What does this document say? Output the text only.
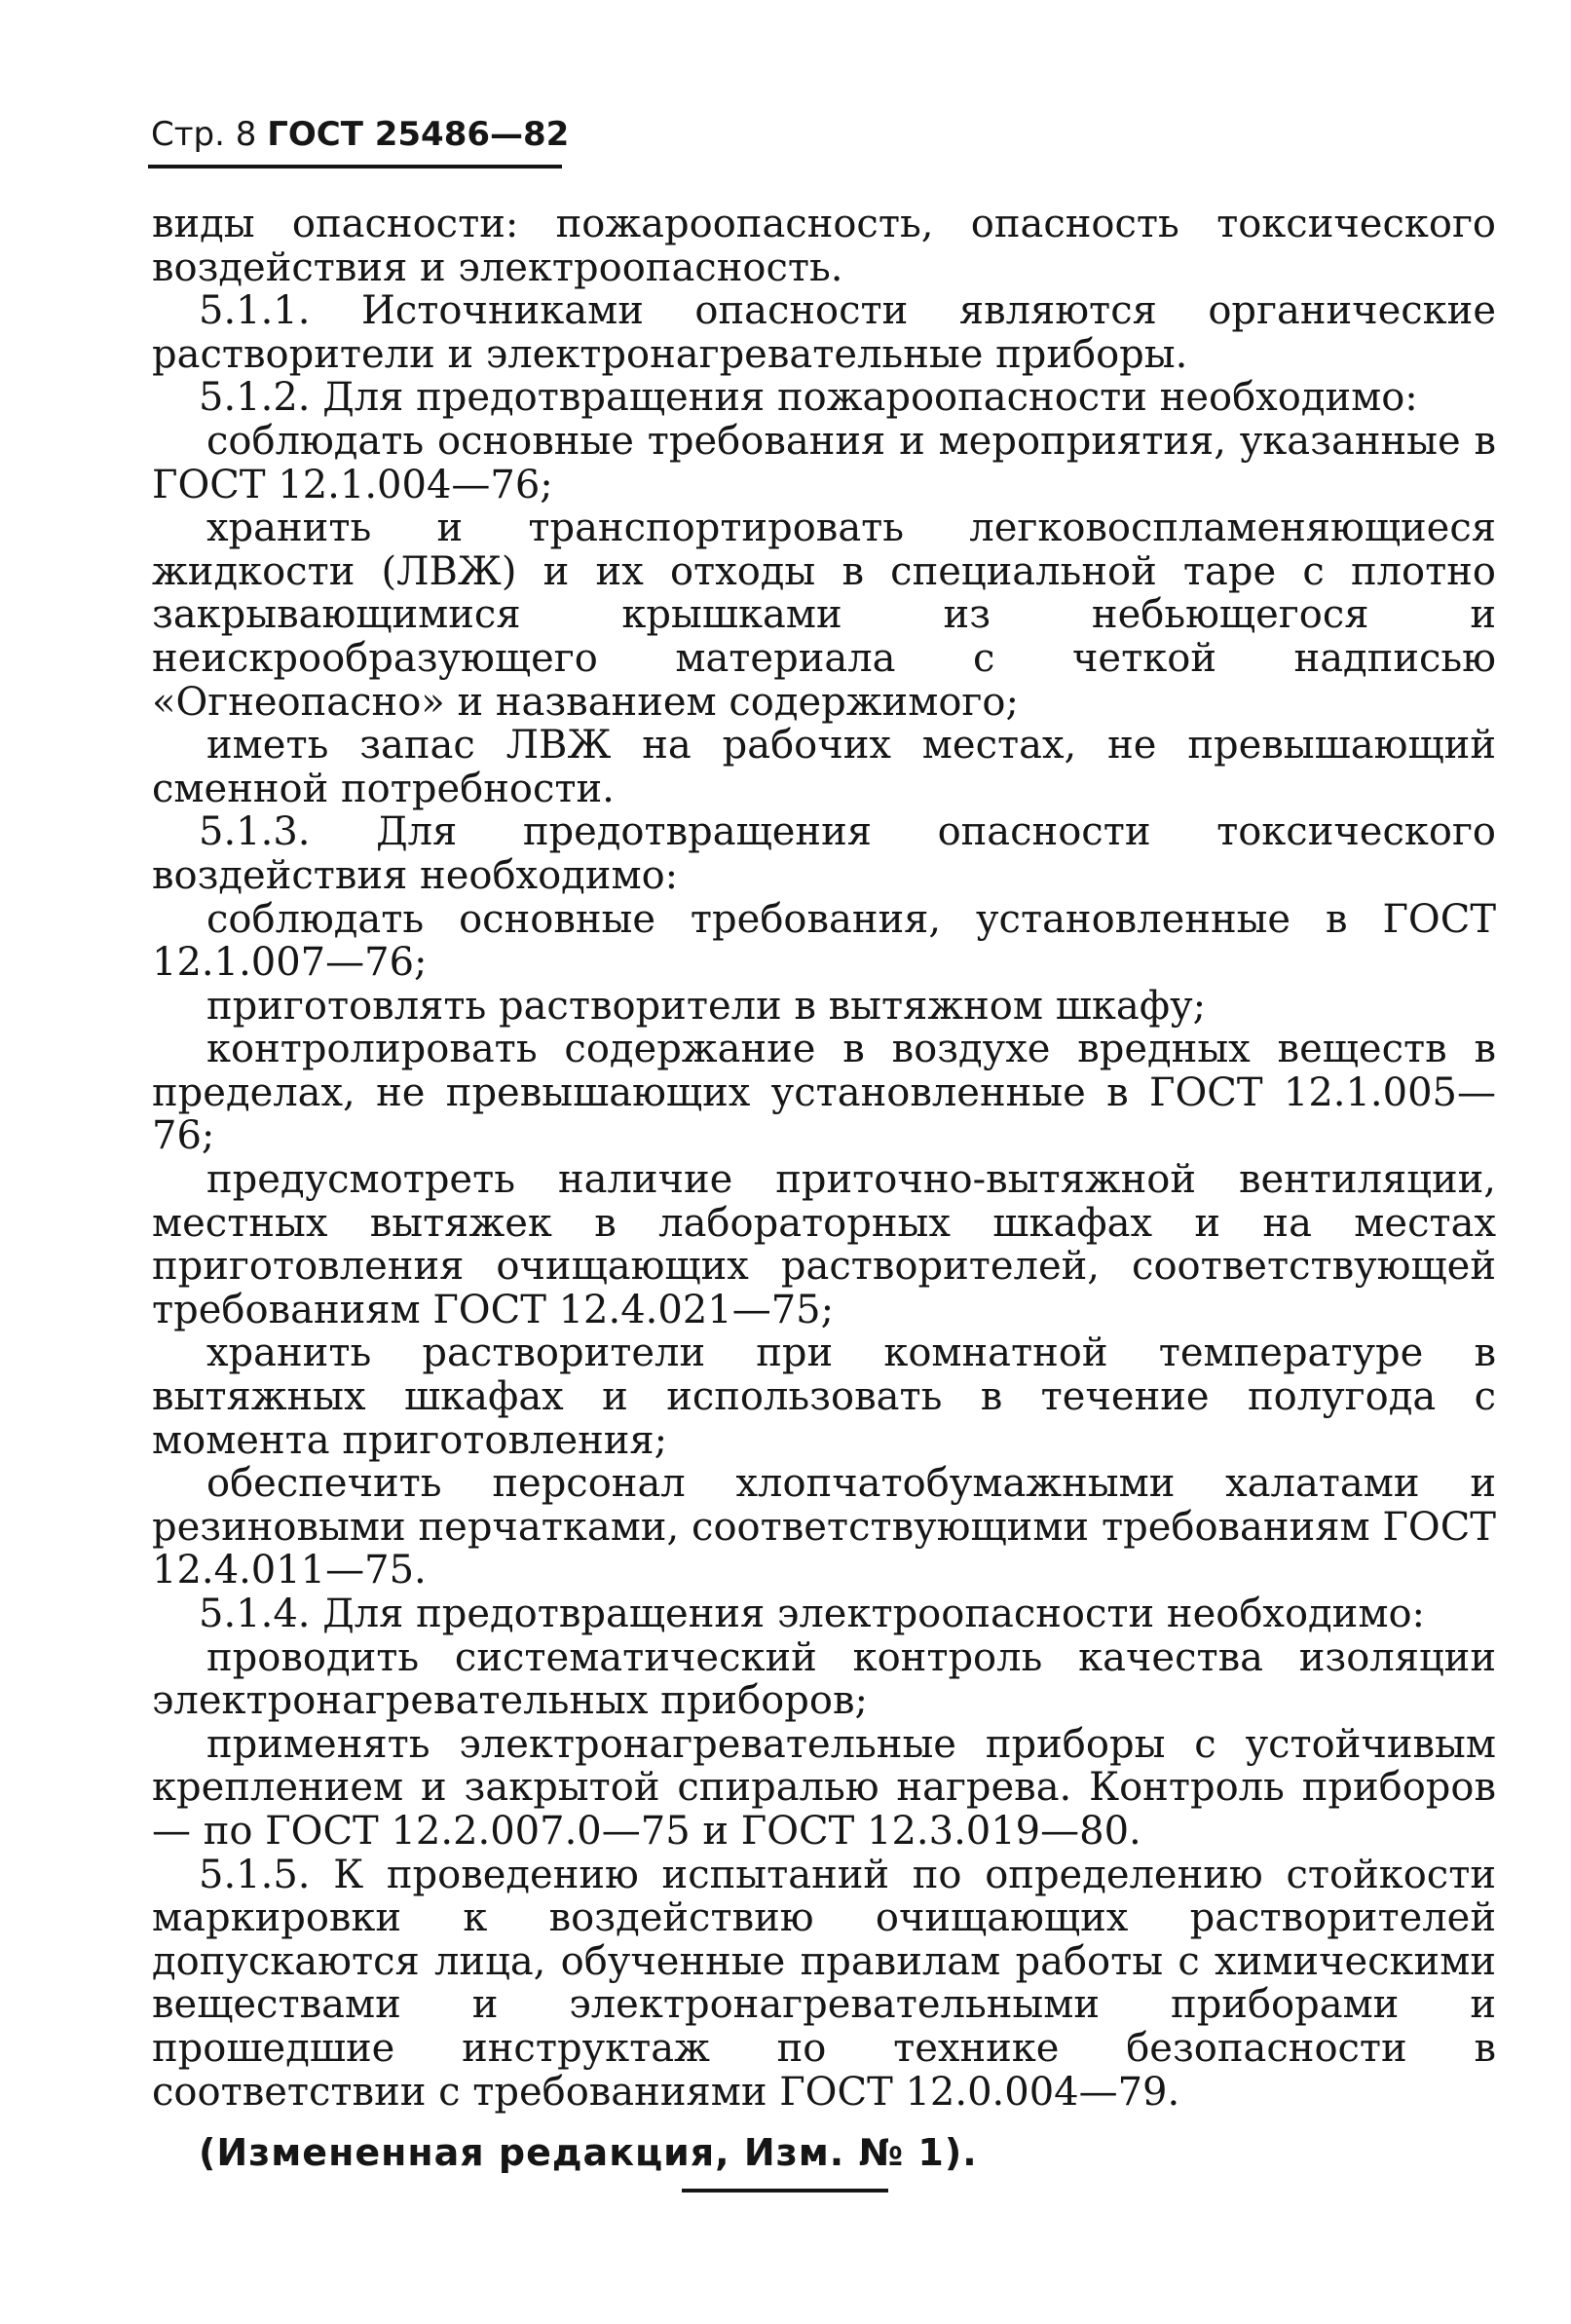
Стр. 8 ГОСТ 25486—82

виды опасности: пожароопасность, опасность токсического воздействия и электроопасность.

5.1.1. Источниками опасности являются органические растворители и электронагревательные приборы.

5.1.2. Для предотвращения пожароопасности необходимо:

соблюдать основные требования и мероприятия, указанные в ГОСТ 12.1.004—76;

хранить и транспортировать легковоспламеняющиеся жидкости (ЛВЖ) и их отходы в специальной таре с плотно закрывающимися крышками из небьющегося и неискрообразующего материала с четкой надписью «Огнеопасно» и названием содержимого;

иметь запас ЛВЖ на рабочих местах, не превышающий сменной потребности.

5.1.3. Для предотвращения опасности токсического воздействия необходимо:

соблюдать основные требования, установленные в ГОСТ 12.1.007—76;

приготовлять растворители в вытяжном шкафу;

контролировать содержание в воздухе вредных веществ в пределах, не превышающих установленные в ГОСТ 12.1.005—76;

предусмотреть наличие приточно-вытяжной вентиляции, местных вытяжек в лабораторных шкафах и на местах приготовления очищающих растворителей, соответствующей требованиям ГОСТ 12.4.021—75;

хранить растворители при комнатной температуре в вытяжных шкафах и использовать в течение полугода с момента приготовления;

обеспечить персонал хлопчатобумажными халатами и резиновыми перчатками, соответствующими требованиям ГОСТ 12.4.011—75.

5.1.4. Для предотвращения электроопасности необходимо:

проводить систематический контроль качества изоляции электронагревательных приборов;

применять электронагревательные приборы с устойчивым креплением и закрытой спиралью нагрева. Контроль приборов — по ГОСТ 12.2.007.0—75 и ГОСТ 12.3.019—80.

5.1.5. К проведению испытаний по определению стойкости маркировки к воздействию очищающих растворителей допускаются лица, обученные правилам работы с химическими веществами и электронагревательными приборами и прошедшие инструктаж по технике безопасности в соответствии с требованиями ГОСТ 12.0.004—79.

(Измененная редакция, Изм. № 1).
